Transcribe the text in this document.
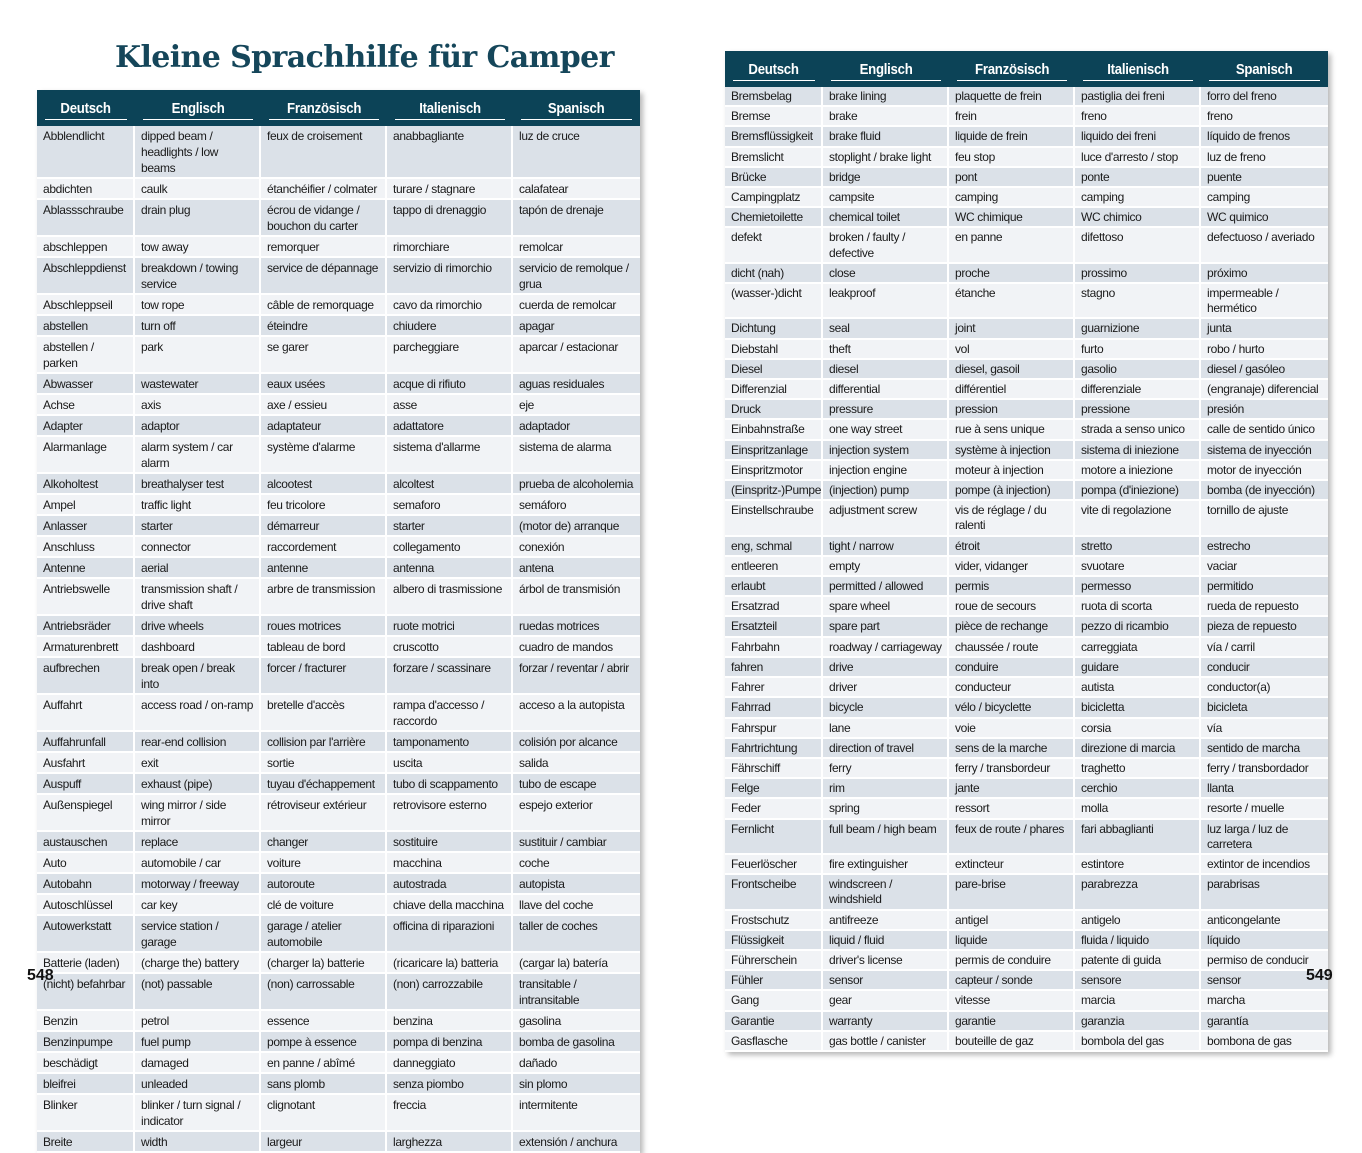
Kleine Sprachhilfe für Camper
Deutsch	Englisch	Französisch	Italienisch	Spanisch
Abblendlicht	dipped beam / headlights / low beams	feux de croisement	anabbagliante	luz de cruce
abdichten	caulk	étanchéifier / colmater	turare / stagnare	calafatear
Ablassschraube	drain plug	écrou de vidange / bouchon du carter	tappo di drenaggio	tapón de drenaje
abschleppen	tow away	remorquer	rimorchiare	remolcar
Abschleppdienst	breakdown / towing service	service de dépannage	servizio di rimorchio	servicio de remolque / grua
Abschleppseil	tow rope	câble de remorquage	cavo da rimorchio	cuerda de remolcar
abstellen	turn off	éteindre	chiudere	apagar
abstellen / parken	park	se garer	parcheggiare	aparcar / estacionar
Abwasser	wastewater	eaux usées	acque di rifiuto	aguas residuales
Achse	axis	axe / essieu	asse	eje
Adapter	adaptor	adaptateur	adattatore	adaptador
Alarmanlage	alarm system / car alarm	système d'alarme	sistema d'allarme	sistema de alarma
Alkoholtest	breathalyser test	alcootest	alcoltest	prueba de alcoholemia
Ampel	traffic light	feu tricolore	semaforo	semáforo
Anlasser	starter	démarreur	starter	(motor de) arranque
Anschluss	connector	raccordement	collegamento	conexión
Antenne	aerial	antenne	antenna	antena
Antriebswelle	transmission shaft / drive shaft	arbre de transmission	albero di trasmissione	árbol de transmisión
Antriebsräder	drive wheels	roues motrices	ruote motrici	ruedas motrices
Armaturenbrett	dashboard	tableau de bord	cruscotto	cuadro de mandos
aufbrechen	break open / break into	forcer / fracturer	forzare / scassinare	forzar / reventar / abrir
Auffahrt	access road / on-ramp	bretelle d'accès	rampa d'accesso / raccordo	acceso a la autopista
Auffahrunfall	rear-end collision	collision par l'arrière	tamponamento	colisión por alcance
Ausfahrt	exit	sortie	uscita	salida
Auspuff	exhaust (pipe)	tuyau d'échappement	tubo di scappamento	tubo de escape
Außenspiegel	wing mirror / side mirror	rétroviseur extérieur	retrovisore esterno	espejo exterior
austauschen	replace	changer	sostituire	sustituir / cambiar
Auto	automobile / car	voiture	macchina	coche
Autobahn	motorway / freeway	autoroute	autostrada	autopista
Autoschlüssel	car key	clé de voiture	chiave della macchina	llave del coche
Autowerkstatt	service station / garage	garage / atelier automobile	officina di riparazioni	taller de coches
Batterie (laden)	(charge the) battery	(charger la) batterie	(ricaricare la) batteria	(cargar la) batería
(nicht) befahrbar	(not) passable	(non) carrossable	(non) carrozzabile	transitable / intransitable
Benzin	petrol	essence	benzina	gasolina
Benzinpumpe	fuel pump	pompe à essence	pompa di benzina	bomba de gasolina
beschädigt	damaged	en panne / abîmé	danneggiato	dañado
bleifrei	unleaded	sans plomb	senza piombo	sin plomo
Blinker	blinker / turn signal / indicator	clignotant	freccia	intermitente
Breite	width	largeur	larghezza	extensión / anchura
Deutsch	Englisch	Französisch	Italienisch	Spanisch
Bremsbelag	brake lining	plaquette de frein	pastiglia dei freni	forro del freno
Bremse	brake	frein	freno	freno
Bremsflüssigkeit	brake fluid	liquide de frein	liquido dei freni	líquido de frenos
Bremslicht	stoplight / brake light	feu stop	luce d'arresto / stop	luz de freno
Brücke	bridge	pont	ponte	puente
Campingplatz	campsite	camping	camping	camping
Chemietoilette	chemical toilet	WC chimique	WC chimico	WC quimico
defekt	broken / faulty / defective	en panne	difettoso	defectuoso / averiado
dicht (nah)	close	proche	prossimo	próximo
(wasser-)dicht	leakproof	étanche	stagno	impermeable / hermético
Dichtung	seal	joint	guarnizione	junta
Diebstahl	theft	vol	furto	robo / hurto
Diesel	diesel	diesel, gasoil	gasolio	diesel / gasóleo
Differenzial	differential	différentiel	differenziale	(engranaje) diferencial
Druck	pressure	pression	pressione	presión
Einbahnstraße	one way street	rue à sens unique	strada a senso unico	calle de sentido único
Einspritzanlage	injection system	système à injection	sistema di iniezione	sistema de inyección
Einspritzmotor	injection engine	moteur à injection	motore a iniezione	motor de inyección
(Einspritz-)Pumpe	(injection) pump	pompe (à injection)	pompa (d'iniezione)	bomba (de inyección)
Einstellschraube	adjustment screw	vis de réglage / du ralenti	vite di regolazione	tornillo de ajuste
eng, schmal	tight / narrow	étroit	stretto	estrecho
entleeren	empty	vider, vidanger	svuotare	vaciar
erlaubt	permitted / allowed	permis	permesso	permitido
Ersatzrad	spare wheel	roue de secours	ruota di scorta	rueda de repuesto
Ersatzteil	spare part	pièce de rechange	pezzo di ricambio	pieza de repuesto
Fahrbahn	roadway / carriageway	chaussée / route	carreggiata	vía / carril
fahren	drive	conduire	guidare	conducir
Fahrer	driver	conducteur	autista	conductor(a)
Fahrrad	bicycle	vélo / bicyclette	bicicletta	bicicleta
Fahrspur	lane	voie	corsia	vía
Fahrtrichtung	direction of travel	sens de la marche	direzione di marcia	sentido de marcha
Fährschiff	ferry	ferry / transbordeur	traghetto	ferry / transbordador
Felge	rim	jante	cerchio	llanta
Feder	spring	ressort	molla	resorte / muelle
Fernlicht	full beam / high beam	feux de route / phares	fari abbaglianti	luz larga / luz de carretera
Feuerlöscher	fire extinguisher	extincteur	estintore	extintor de incendios
Frontscheibe	windscreen / windshield	pare-brise	parabrezza	parabrisas
Frostschutz	antifreeze	antigel	antigelo	anticongelante
Flüssigkeit	liquid / fluid	liquide	fluida / liquido	líquido
Führerschein	driver's license	permis de conduire	patente di guida	permiso de conducir
Fühler	sensor	capteur / sonde	sensore	sensor
Gang	gear	vitesse	marcia	marcha
Garantie	warranty	garantie	garanzia	garantía
Gasflasche	gas bottle / canister	bouteille de gaz	bombola del gas	bombona de gas
548	549
